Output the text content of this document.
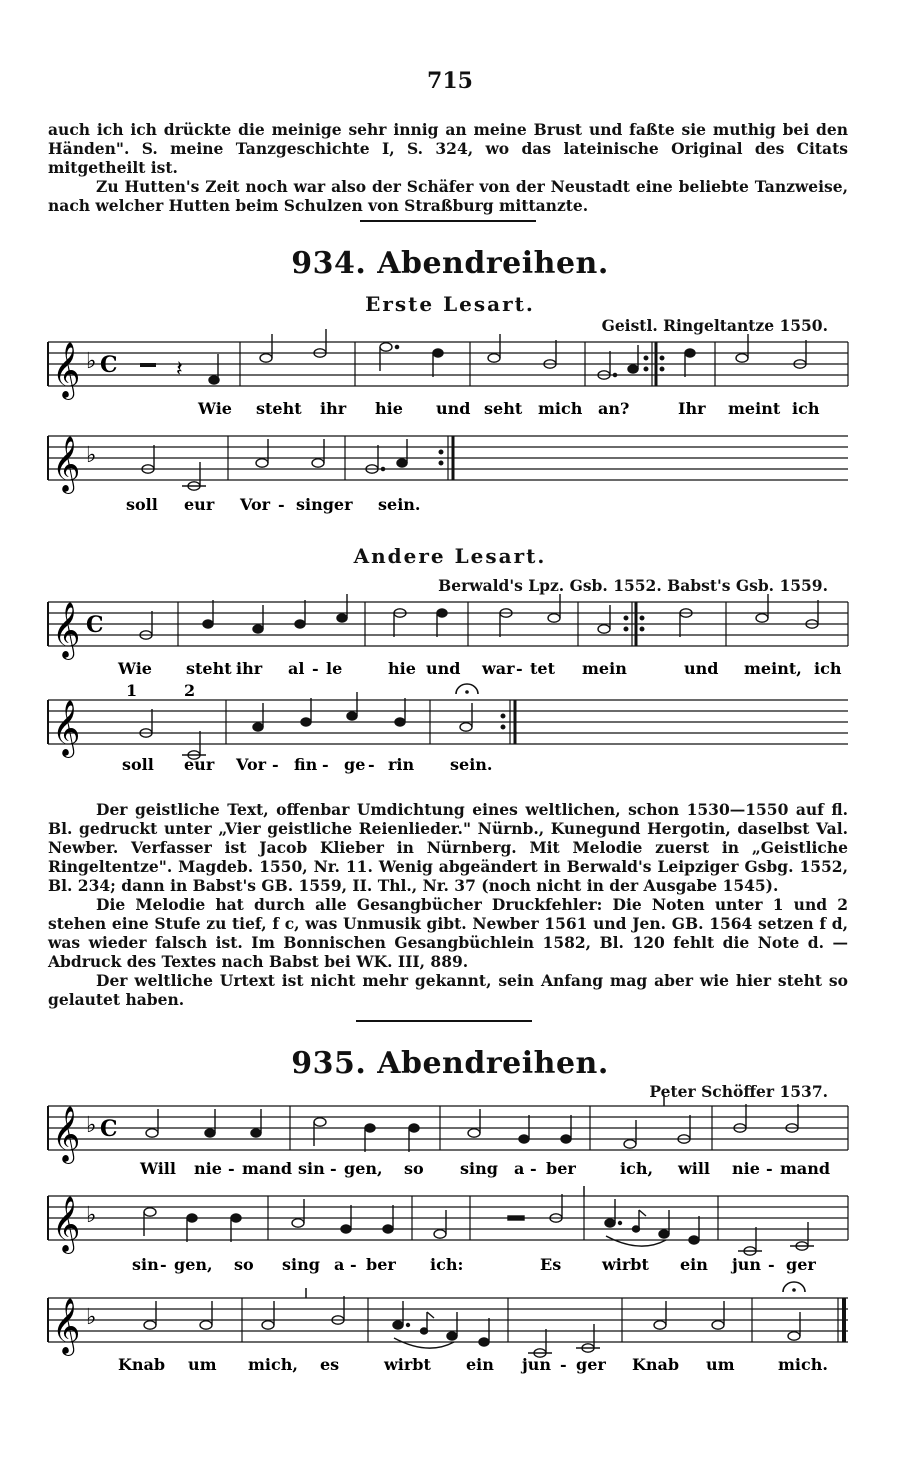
715

auch ich ich drückte die meinige sehr innig an meine Brust und faßte sie muthig bei den Händen". S. meine Tanzgeschichte I, S. 324, wo das lateinische Original des Citats mitgetheilt ist.

Zu Hutten's Zeit noch war also der Schäfer von der Neustadt eine beliebte Tanzweise, nach welcher Hutten beim Schulzen von Straßburg mittanzte.

934. Abendreihen.
Erste Lesart.
Geistl. Ringeltantze 1550.
𝄞 ♭ C	𝄽
Wie steht ihr hie und seht mich an?	Ihr meint ich
𝄞 ♭
soll eur Vor - singer sein.
Andere Lesart.
Berwald's Lpz. Gsb. 1552. Babst's Gsb. 1559.
𝄞 C
Wie steht ihr al - le	hie und war - tet mein	und meint, ich
1	2
𝄞
soll eur Vor - fin - ge - rin sein.

Der geistliche Text, offenbar Umdichtung eines weltlichen, schon 1530—1550 auf fl. Bl. gedruckt unter „Vier geistliche Reienlieder." Nürnb., Kunegund Hergotin, daselbst Val. Newber. Verfasser ist Jacob Klieber in Nürnberg. Mit Melodie zuerst in „Geistliche Ringeltentze". Magdeb. 1550, Nr. 11. Wenig abgeändert in Berwald's Leipziger Gsbg. 1552, Bl. 234; dann in Babst's GB. 1559, II. Thl., Nr. 37 (noch nicht in der Ausgabe 1545).

Die Melodie hat durch alle Gesangbücher Druckfehler: Die Noten unter 1 und 2 stehen eine Stufe zu tief, f c, was Unmusik gibt. Newber 1561 und Jen. GB. 1564 setzen f d, was wieder falsch ist. Im Bonnischen Gesangbüchlein 1582, Bl. 120 fehlt die Note d. — Abdruck des Textes nach Babst bei WK. III, 889.

Der weltliche Urtext ist nicht mehr gekannt, sein Anfang mag aber wie hier steht so gelautet haben.

935. Abendreihen.
Peter Schöffer 1537.
𝄞 ♭ C
Will nie - mand sin - gen, so sing a - ber	ich, will nie - mand
𝄞 ♭
sin - gen, so sing a - ber ich:	Es	wirbt ein jun - ger
𝄞 ♭
Knab um mich, es	wirbt ein jun - ger Knab um	mich.
